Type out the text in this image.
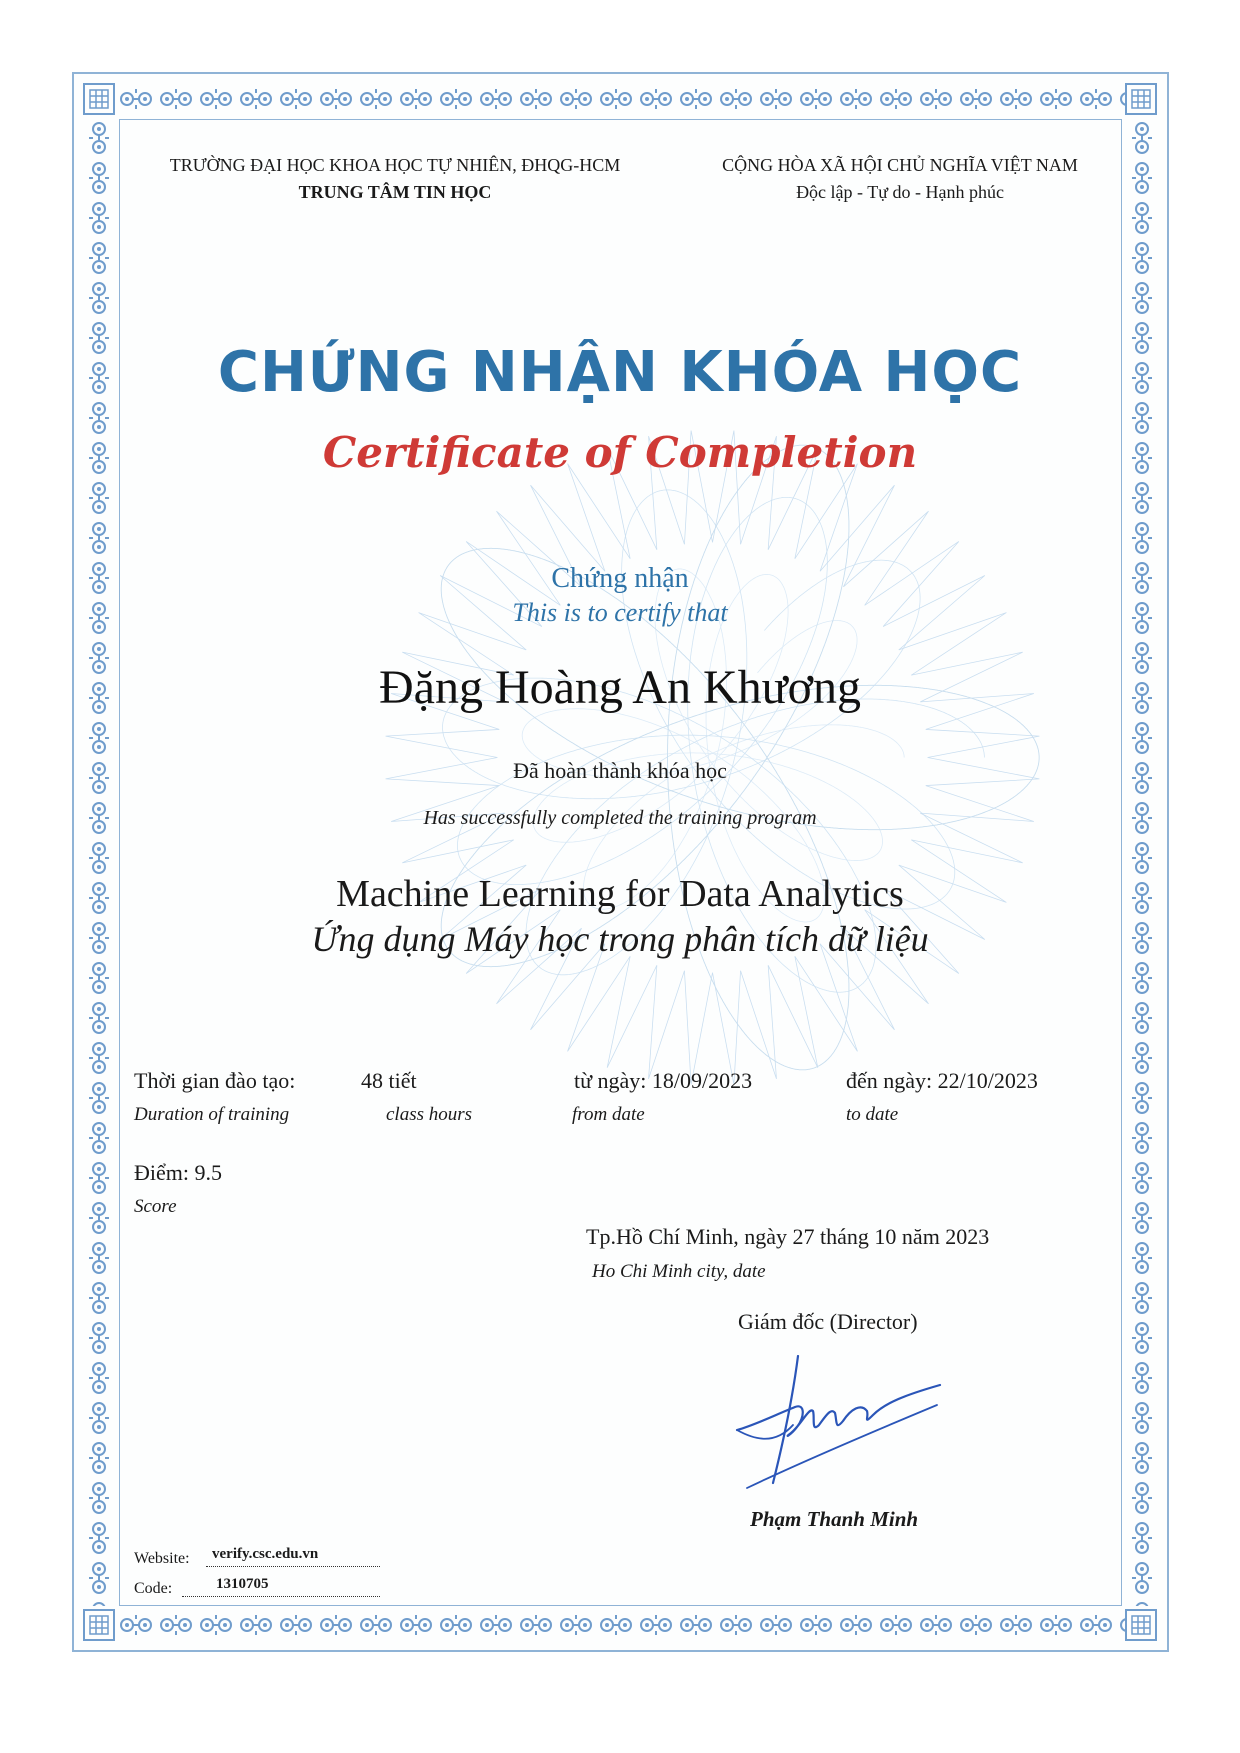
TRƯỜNG ĐẠI HỌC KHOA HỌC TỰ NHIÊN, ĐHQG-HCM
TRUNG TÂM TIN HỌC
CỘNG HÒA XÃ HỘI CHỦ NGHĨA VIỆT NAM
Độc lập - Tự do - Hạnh phúc
CHỨNG NHẬN KHÓA HỌC
Certificate of Completion
Chứng nhận
This is to certify that
Đặng Hoàng An Khương
Đã hoàn thành khóa học
Has successfully completed the training program
Machine Learning for Data Analytics
Ứng dụng Máy học trong phân tích dữ liệu
Thời gian đào tạo:
Duration of training
48 tiết
class hours
từ ngày: 18/09/2023
from date
đến ngày: 22/10/2023
to date
Điểm: 9.5
Score
Tp.Hồ Chí Minh, ngày 27 tháng 10 năm 2023
Ho Chi Minh city, date
Giám đốc (Director)
Phạm Thanh Minh
Website: verify.csc.edu.vn
Code:	1310705
